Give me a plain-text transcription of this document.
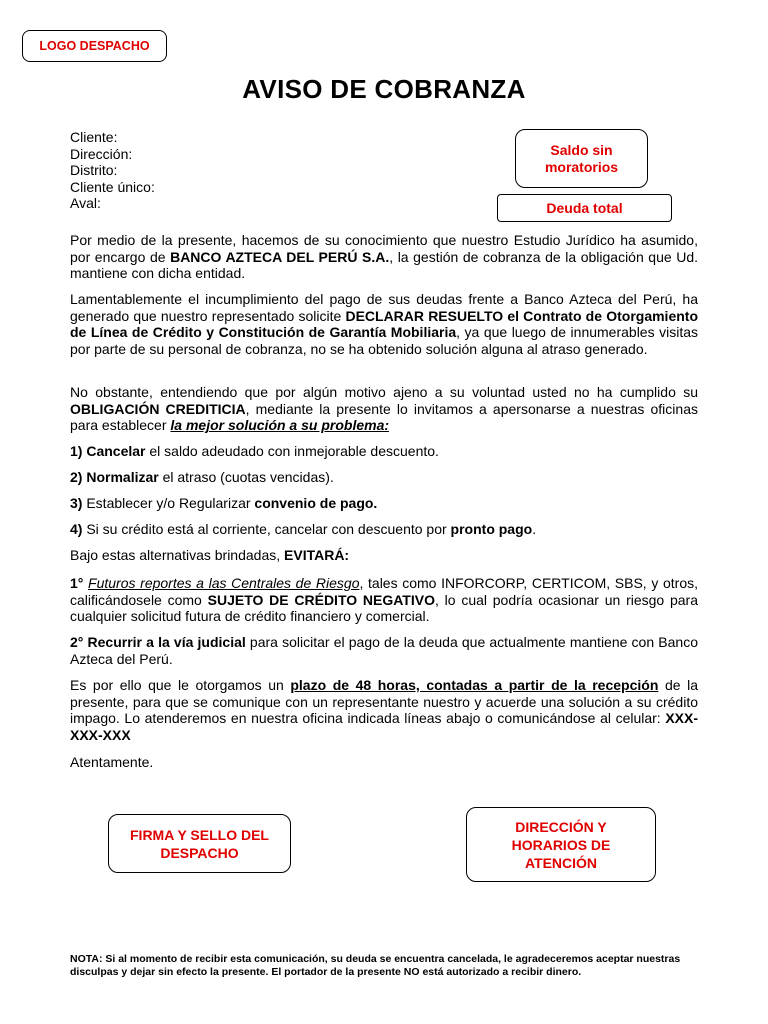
LOGO DESPACHO
AVISO DE COBRANZA
Cliente:
Dirección:
Distrito:
Cliente único:
Aval:
Saldo sin
moratorios
Deuda total
Por medio de la presente, hacemos de su conocimiento que nuestro Estudio Jurídico ha asumido, por encargo de BANCO AZTECA DEL PERÚ S.A., la gestión de cobranza de la obligación que Ud. mantiene con dicha entidad.
Lamentablemente el incumplimiento del pago de sus deudas frente a Banco Azteca del Perú, ha generado que nuestro representado solicite DECLARAR RESUELTO el Contrato de Otorgamiento de Línea de Crédito y Constitución de Garantía Mobiliaria, ya que luego de innumerables visitas por parte de su personal de cobranza, no se ha obtenido solución alguna al atraso generado.
No obstante, entendiendo que por algún motivo ajeno a su voluntad usted no ha cumplido su OBLIGACIÓN CREDITICIA, mediante la presente lo invitamos a apersonarse a nuestras oficinas para establecer la mejor solución a su problema:
1) Cancelar el saldo adeudado con inmejorable descuento.
2) Normalizar el atraso (cuotas vencidas).
3) Establecer y/o Regularizar convenio de pago.
4) Si su crédito está al corriente, cancelar con descuento por pronto pago.
Bajo estas alternativas brindadas, EVITARÁ:
1° Futuros reportes a las Centrales de Riesgo, tales como INFORCORP, CERTICOM, SBS, y otros, calificándosele como SUJETO DE CRÉDITO NEGATIVO, lo cual podría ocasionar un riesgo para cualquier solicitud futura de crédito financiero y comercial.
2° Recurrir a la vía judicial para solicitar el pago de la deuda que actualmente mantiene con Banco Azteca del Perú.
Es por ello que le otorgamos un plazo de 48 horas, contadas a partir de la recepción de la presente, para que se comunique con un representante nuestro y acuerde una solución a su crédito impago. Lo atenderemos en nuestra oficina indicada líneas abajo o comunicándose al celular: XXX-XXX-XXX
Atentamente.
FIRMA Y SELLO DEL
DESPACHO
DIRECCIÓN Y
HORARIOS DE
ATENCIÓN
NOTA: Si al momento de recibir esta comunicación, su deuda se encuentra cancelada, le agradeceremos aceptar nuestras disculpas y dejar sin efecto la presente. El portador de la presente NO está autorizado a recibir dinero.
